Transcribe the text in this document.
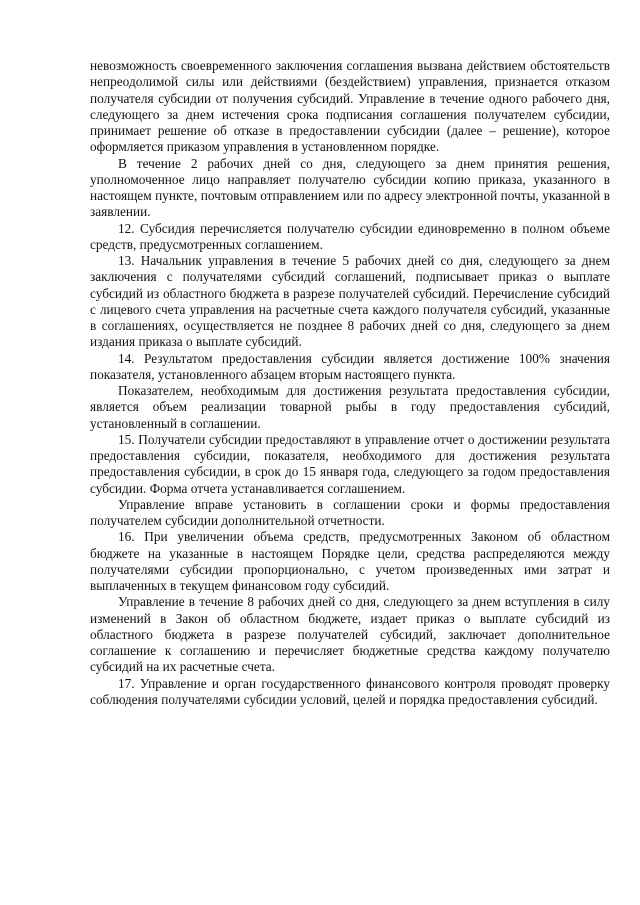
невозможность своевременного заключения соглашения вызвана действием обстоятельств непреодолимой силы или действиями (бездействием) управления, признается отказом получателя субсидии от получения субсидий. Управление в течение одного рабочего дня, следующего за днем истечения срока подписания соглашения получателем субсидии, принимает решение об отказе в предоставлении субсидии (далее – решение), которое оформляется приказом управления в установленном порядке.

В течение 2 рабочих дней со дня, следующего за днем принятия решения, уполномоченное лицо направляет получателю субсидии копию приказа, указанного в настоящем пункте, почтовым отправлением или по адресу электронной почты, указанной в заявлении.

12. Субсидия перечисляется получателю субсидии единовременно в полном объеме средств, предусмотренных соглашением.

13. Начальник управления в течение 5 рабочих дней со дня, следующего за днем заключения с получателями субсидий соглашений, подписывает приказ о выплате субсидий из областного бюджета в разрезе получателей субсидий. Перечисление субсидий с лицевого счета управления на расчетные счета каждого получателя субсидий, указанные в соглашениях, осуществляется не позднее 8 рабочих дней со дня, следующего за днем издания приказа о выплате субсидий.

14. Результатом предоставления субсидии является достижение 100% значения показателя, установленного абзацем вторым настоящего пункта.

Показателем, необходимым для достижения результата предоставления субсидии, является объем реализации товарной рыбы в году предоставления субсидий, установленный в соглашении.

15. Получатели субсидии предоставляют в управление отчет о достижении результата предоставления субсидии, показателя, необходимого для достижения результата предоставления субсидии, в срок до 15 января года, следующего за годом предоставления субсидии. Форма отчета устанавливается соглашением.

Управление вправе установить в соглашении сроки и формы предоставления получателем субсидии дополнительной отчетности.

16. При увеличении объема средств, предусмотренных Законом об областном бюджете на указанные в настоящем Порядке цели, средства распределяются между получателями субсидии пропорционально, с учетом произведенных ими затрат и выплаченных в текущем финансовом году субсидий.

Управление в течение 8 рабочих дней со дня, следующего за днем вступления в силу изменений в Закон об областном бюджете, издает приказ о выплате субсидий из областного бюджета в разрезе получателей субсидий, заключает дополнительное соглашение к соглашению и перечисляет бюджетные средства каждому получателю субсидий на их расчетные счета.

17. Управление и орган государственного финансового контроля проводят проверку соблюдения получателями субсидии условий, целей и порядка предоставления субсидий.
